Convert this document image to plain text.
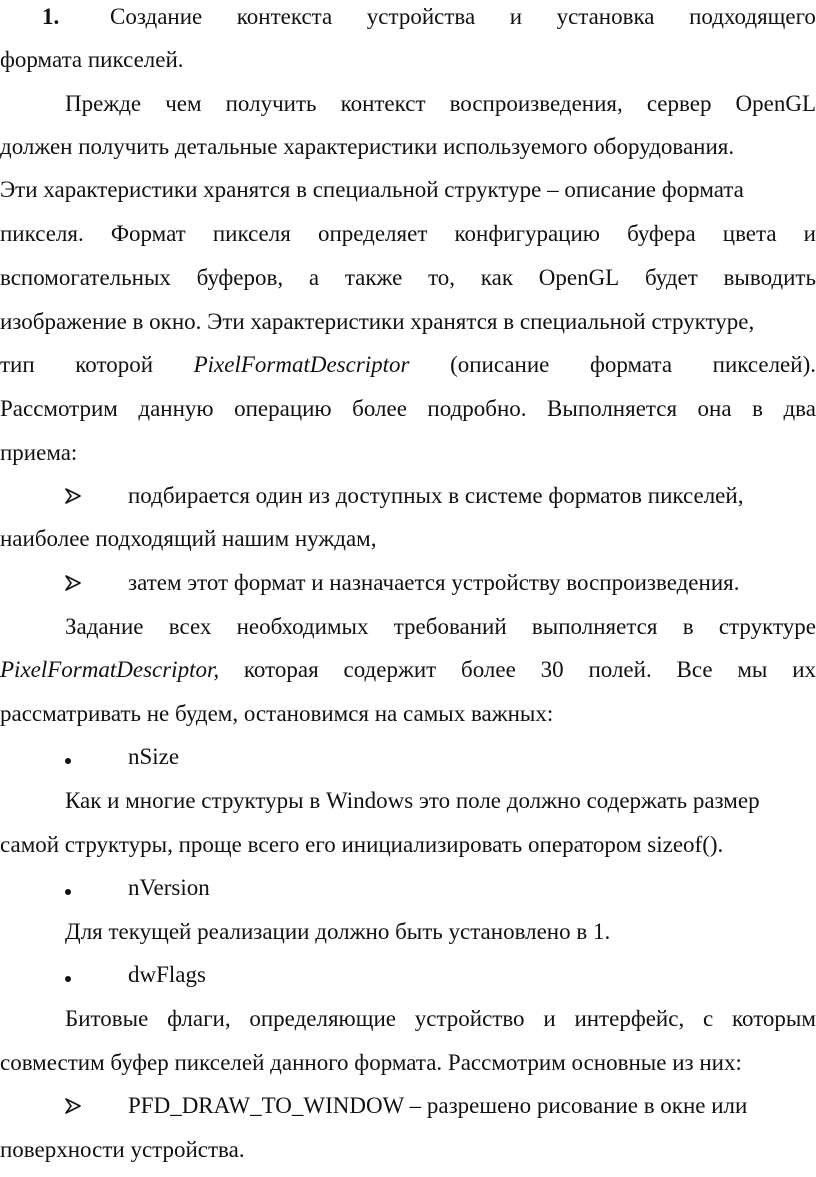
1. Создание контекста устройства и установка подходящего
формата пикселей.
Прежде чем получить контекст воспроизведения, сервер OpenGL
должен получить детальные характеристики используемого оборудования.
Эти характеристики хранятся в специальной структуре – описание формата
пикселя. Формат пикселя определяет конфигурацию буфера цвета и
вспомогательных буферов, а также то, как OpenGL будет выводить
изображение в окно. Эти характеристики хранятся в специальной структуре,
тип которой PixelFormatDescriptor (описание формата пикселей).
Рассмотрим данную операцию более подробно. Выполняется она в два
приема:
подбирается один из доступных в системе форматов пикселей,
наиболее подходящий нашим нуждам,
затем этот формат и назначается устройству воспроизведения.
Задание всех необходимых требований выполняется в структуре
PixelFormatDescriptor, которая содержит более 30 полей. Все мы их
рассматривать не будем, остановимся на самых важных:
nSize
Как и многие структуры в Windows это поле должно содержать размер
самой структуры, проще всего его инициализировать оператором sizeof().
nVersion
Для текущей реализации должно быть установлено в 1.
dwFlags
Битовые флаги, определяющие устройство и интерфейс, с которым
совместим буфер пикселей данного формата. Рассмотрим основные из них:
PFD_DRAW_TO_WINDOW – разрешено рисование в окне или
поверхности устройства.
